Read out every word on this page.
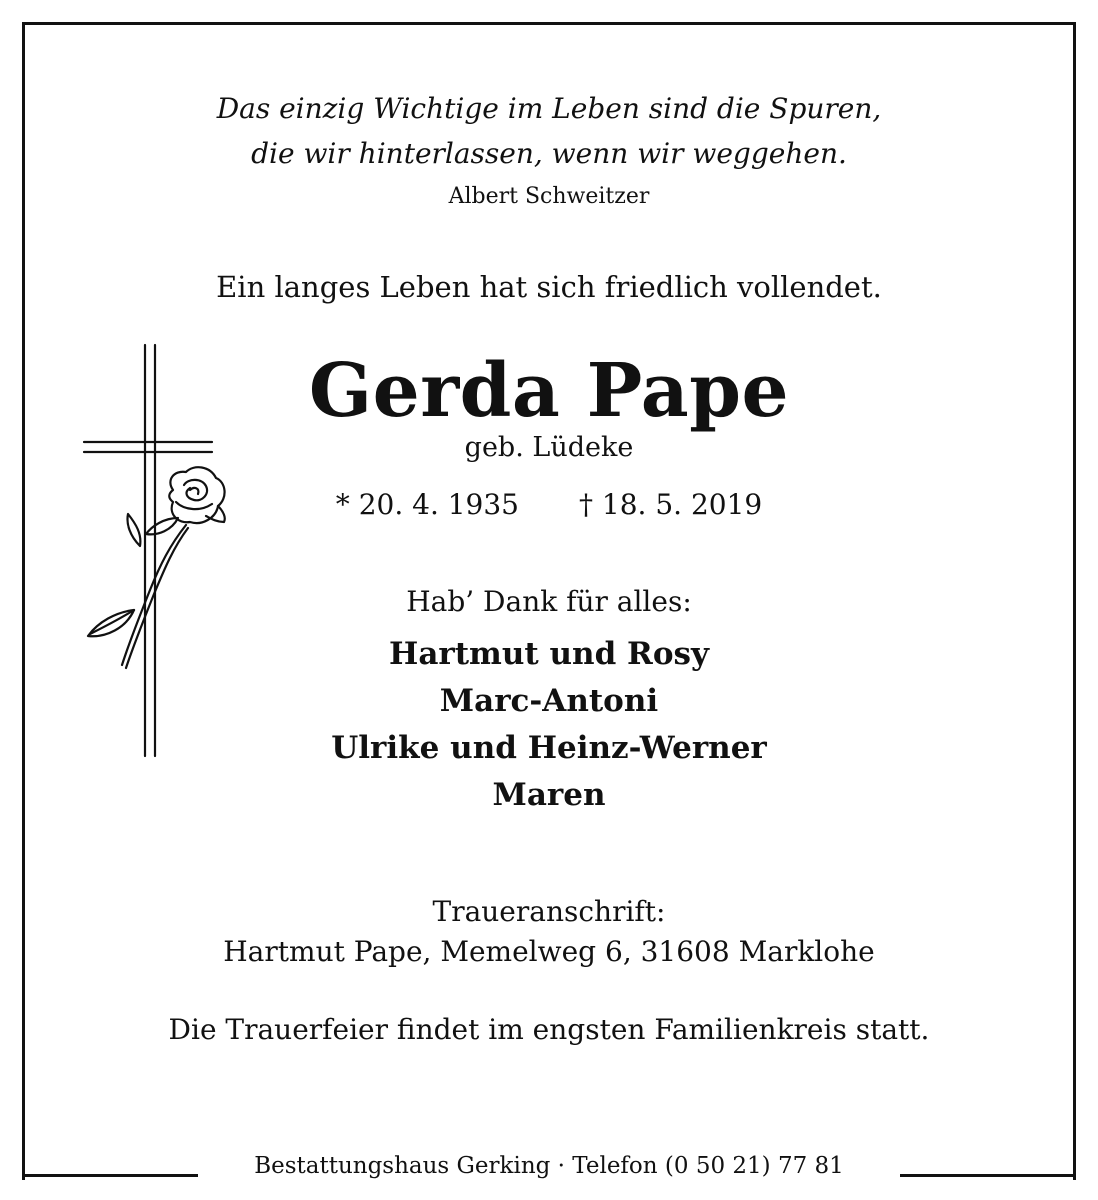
Das einzig Wichtige im Leben sind die Spuren,
die wir hinterlassen, wenn wir weggehen.
Albert Schweitzer
Ein langes Leben hat sich friedlich vollendet.
Gerda Pape
geb. Lüdeke
* 20. 4. 1935 † 18. 5. 2019
Hab’ Dank für alles:
Hartmut und Rosy
Marc-Antoni
Ulrike und Heinz-Werner
Maren
Traueranschrift:
Hartmut Pape, Memelweg 6, 31608 Marklohe
Die Trauerfeier findet im engsten Familienkreis statt.
Bestattungshaus Gerking · Telefon (0 50 21) 77 81
